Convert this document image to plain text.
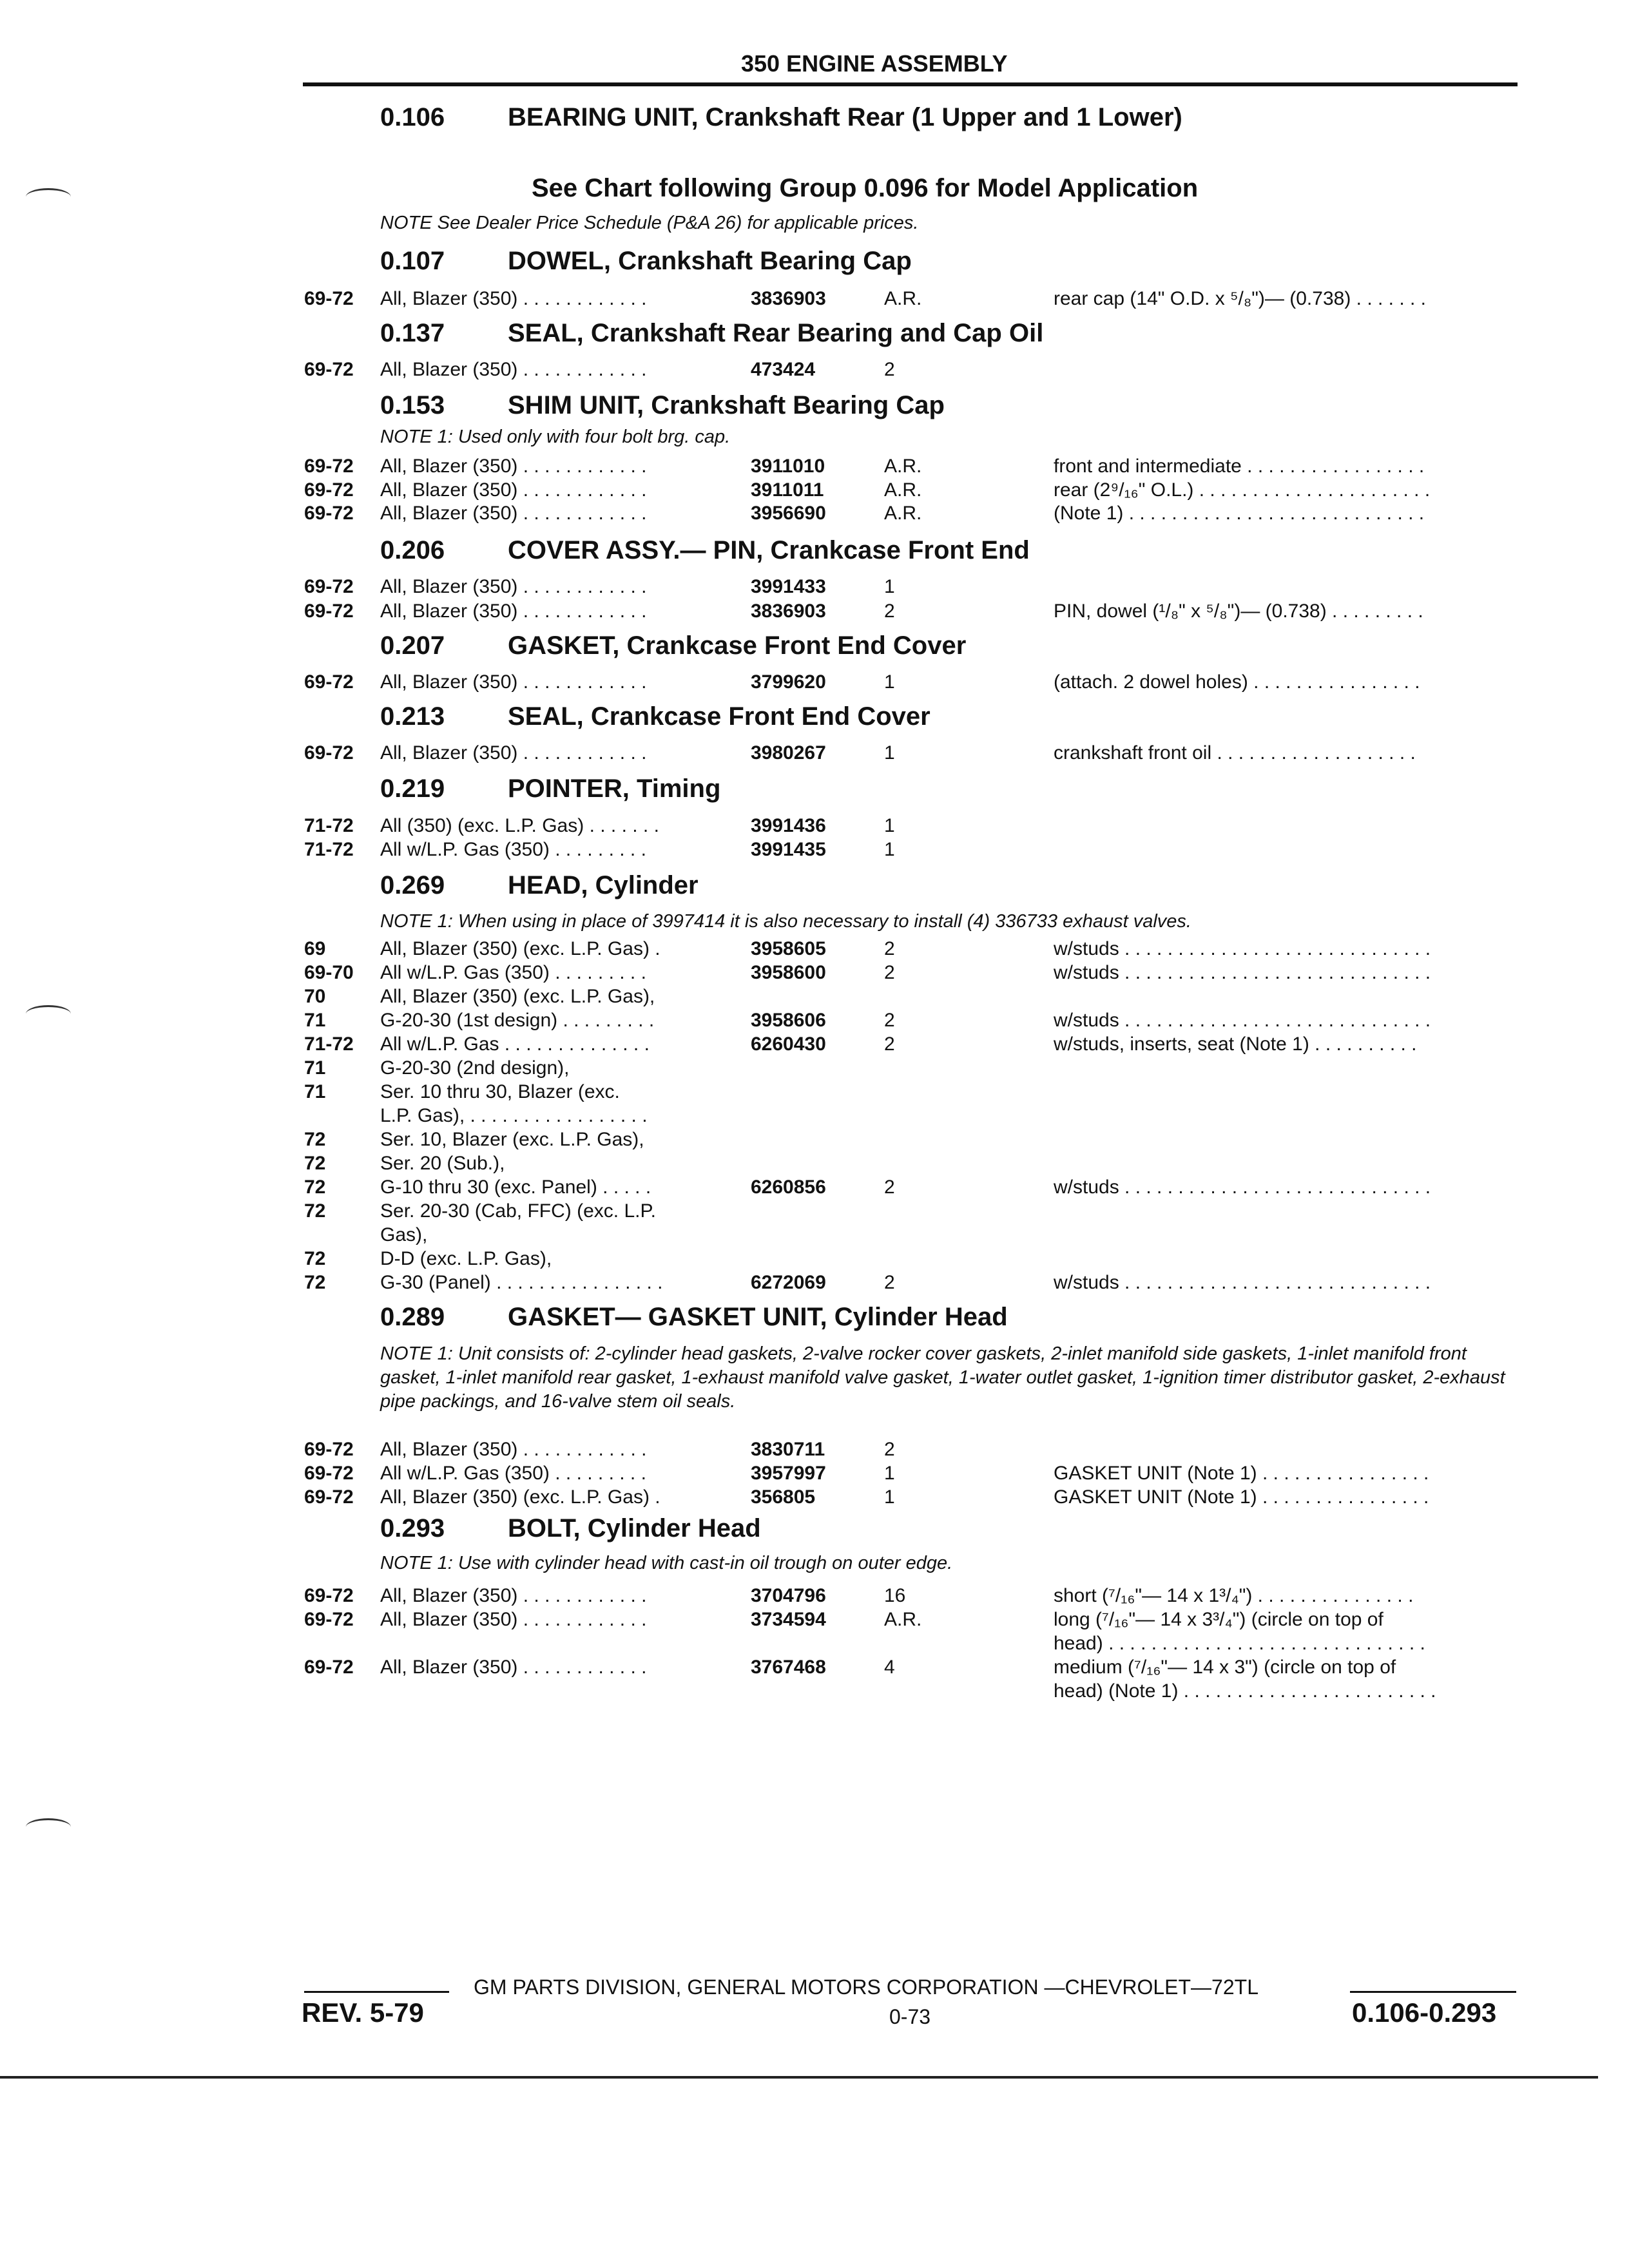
350 ENGINE ASSEMBLY
0.106 BEARING UNIT, Crankshaft Rear (1 Upper and 1 Lower)
See Chart following Group 0.096 for Model Application
NOTE See Dealer Price Schedule (P&A 26) for applicable prices.
0.107 DOWEL, Crankshaft Bearing Cap
0.137 SEAL, Crankshaft Rear Bearing and Cap Oil
0.153 SHIM UNIT, Crankshaft Bearing Cap
NOTE 1: Used only with four bolt brg. cap.
0.206 COVER ASSY.— PIN, Crankcase Front End
0.207 GASKET, Crankcase Front End Cover
0.213 SEAL, Crankcase Front End Cover
0.219 POINTER, Timing
0.269 HEAD, Cylinder
NOTE 1: When using in place of 3997414 it is also necessary to install (4) 336733 exhaust valves.
0.289 GASKET— GASKET UNIT, Cylinder Head
NOTE 1: Unit consists of: 2-cylinder head gaskets, 2-valve rocker cover gaskets, 2-inlet manifold side gaskets, 1-inlet manifold front gasket, 1-inlet manifold rear gasket, 1-exhaust manifold valve gasket, 1-water outlet gasket, 1-ignition timer distributor gasket, 2-exhaust pipe packings, and 16-valve stem oil seals.
0.293 BOLT, Cylinder Head
NOTE 1: Use with cylinder head with cast-in oil trough on outer edge.
69-72 All, Blazer (350) . . . . . . . . . . . .	3836903	A.R.	rear cap (14" O.D. x ⁵/₈")— (0.738) . . . . . . .
69-72 All, Blazer (350) . . . . . . . . . . . .	473424	2
69-72 All, Blazer (350) . . . . . . . . . . . .	3911010	A.R.	front and intermediate . . . . . . . . . . . . . . . . .
69-72 All, Blazer (350) . . . . . . . . . . . .	3911011	A.R.	rear (2⁹/₁₆" O.L.) . . . . . . . . . . . . . . . . . . . . . .
69-72 All, Blazer (350) . . . . . . . . . . . .	3956690	A.R.	(Note 1) . . . . . . . . . . . . . . . . . . . . . . . . . . . .
69-72 All, Blazer (350) . . . . . . . . . . . .	3991433	1
69-72 All, Blazer (350) . . . . . . . . . . . .	3836903	2	PIN, dowel (¹/₈" x ⁵/₈")— (0.738) . . . . . . . . .
69-72 All, Blazer (350) . . . . . . . . . . . .	3799620	1	(attach. 2 dowel holes) . . . . . . . . . . . . . . . .
69-72 All, Blazer (350) . . . . . . . . . . . .	3980267	1	crankshaft front oil . . . . . . . . . . . . . . . . . . .
71-72 All (350) (exc. L.P. Gas) . . . . . . .	3991436	1
71-72 All w/L.P. Gas (350) . . . . . . . . .	3991435	1
69	All, Blazer (350) (exc. L.P. Gas) .	3958605	2	w/studs . . . . . . . . . . . . . . . . . . . . . . . . . . . . .
69-70 All w/L.P. Gas (350) . . . . . . . . .	3958600	2	w/studs . . . . . . . . . . . . . . . . . . . . . . . . . . . . .
70	All, Blazer (350) (exc. L.P. Gas),
71	G-20-30 (1st design) . . . . . . . . .	3958606	2	w/studs . . . . . . . . . . . . . . . . . . . . . . . . . . . . .
71-72 All w/L.P. Gas . . . . . . . . . . . . . .	6260430	2	w/studs, inserts, seat (Note 1) . . . . . . . . . .
71	G-20-30 (2nd design),
71	Ser. 10 thru 30, Blazer (exc.
L.P. Gas), . . . . . . . . . . . . . . . . .
72	Ser. 10, Blazer (exc. L.P. Gas),
72	Ser. 20 (Sub.),
72	G-10 thru 30 (exc. Panel) . . . . .	6260856	2	w/studs . . . . . . . . . . . . . . . . . . . . . . . . . . . . .
72	Ser. 20-30 (Cab, FFC) (exc. L.P.
Gas),
72	D-D (exc. L.P. Gas),
72	G-30 (Panel) . . . . . . . . . . . . . . . .	6272069	2	w/studs . . . . . . . . . . . . . . . . . . . . . . . . . . . . .
69-72 All, Blazer (350) . . . . . . . . . . . .	3830711	2
69-72 All w/L.P. Gas (350) . . . . . . . . .	3957997	1	GASKET UNIT (Note 1) . . . . . . . . . . . . . . . .
69-72 All, Blazer (350) (exc. L.P. Gas) .	356805	1	GASKET UNIT (Note 1) . . . . . . . . . . . . . . . .
69-72 All, Blazer (350) . . . . . . . . . . . .	3704796	16	short (⁷/₁₆"— 14 x 1³/₄") . . . . . . . . . . . . . . .
69-72 All, Blazer (350) . . . . . . . . . . . .	3734594	A.R.	long (⁷/₁₆"— 14 x 3³/₄") (circle on top of
head) . . . . . . . . . . . . . . . . . . . . . . . . . . . . . .
69-72 All, Blazer (350) . . . . . . . . . . . .	3767468	4	medium (⁷/₁₆"— 14 x 3") (circle on top of
head) (Note 1) . . . . . . . . . . . . . . . . . . . . . . . .
GM PARTS DIVISION, GENERAL MOTORS CORPORATION —CHEVROLET—72TL
REV. 5-79	0-73	0.106-0.293
